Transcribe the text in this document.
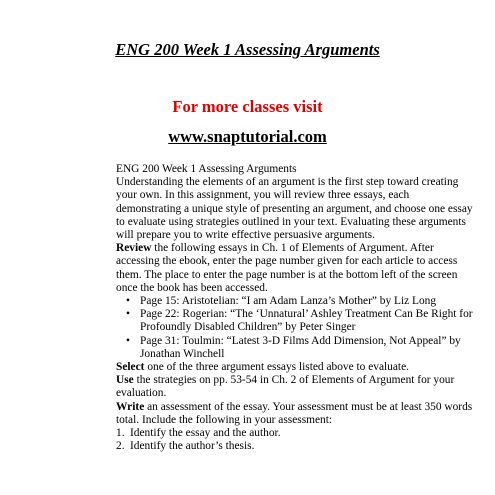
ENG 200 Week 1 Assessing Arguments
For more classes visit
www.snaptutorial.com

ENG 200 Week 1 Assessing Arguments

Understanding the elements of an argument is the first step toward creating your own. In this assignment, you will review three essays, each demonstrating a unique style of presenting an argument, and choose one essay to evaluate using strategies outlined in your text. Evaluating these arguments will prepare you to write effective persuasive arguments.

Review the following essays in Ch. 1 of Elements of Argument. After accessing the ebook, enter the page number given for each article to access them. The place to enter the page number is at the bottom left of the screen once the book has been accessed.

• Page 15: Aristotelian: “I am Adam Lanza’s Mother” by Liz Long
• Page 22: Rogerian: “The ‘Unnatural’ Ashley Treatment Can Be Right for Profoundly Disabled Children” by Peter Singer
• Page 31: Toulmin: “Latest 3-D Films Add Dimension, Not Appeal” by Jonathan Winchell

Select one of the three argument essays listed above to evaluate.

Use the strategies on pp. 53-54 in Ch. 2 of Elements of Argument for your evaluation.

Write an assessment of the essay. Your assessment must be at least 350 words total. Include the following in your assessment:

1. Identify the essay and the author.
2. Identify the author’s thesis.
